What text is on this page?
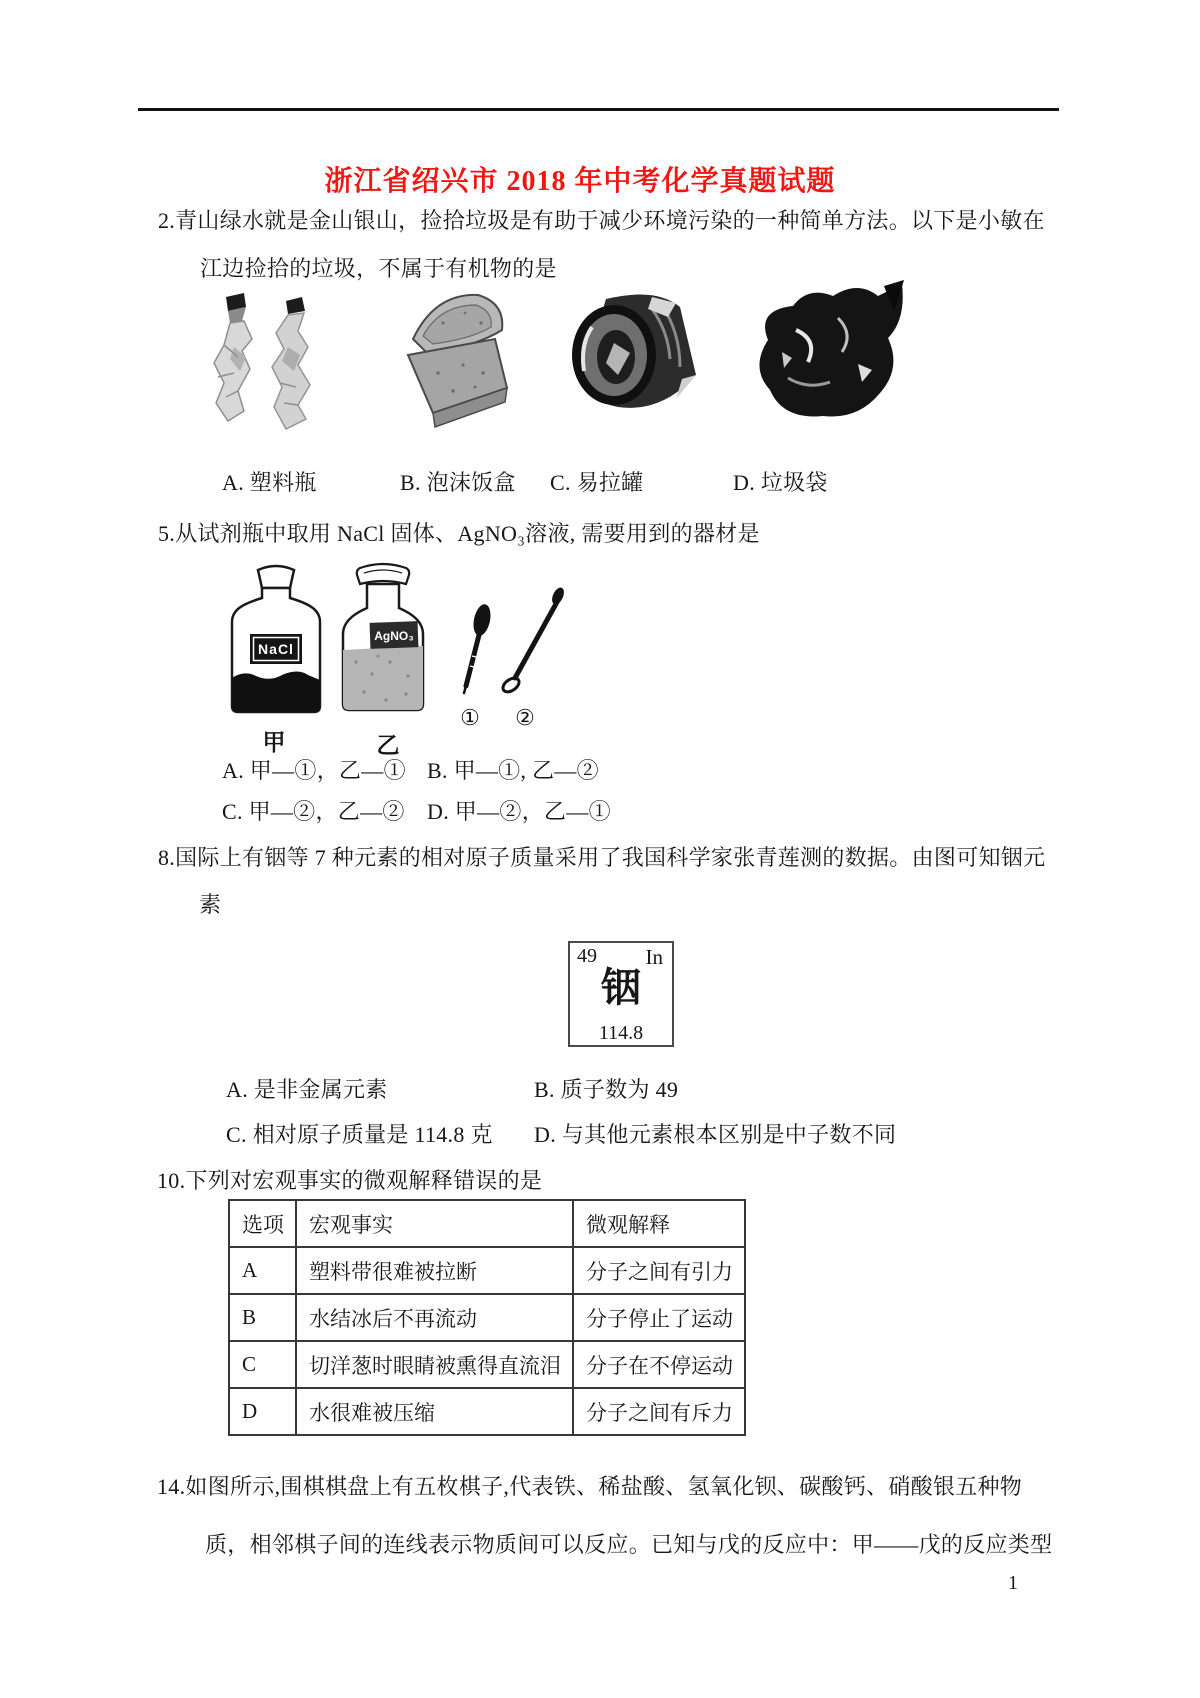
浙江省绍兴市 2018 年中考化学真题试题
2.青山绿水就是金山银山，捡拾垃圾是有助于减少环境污染的一种简单方法。以下是小敏在
江边捡拾的垃圾，不属于有机物的是
A. 塑料瓶	B. 泡沫饭盒 C. 易拉罐	D. 垃圾袋
5.从试剂瓶中取用 NaCl 固体、AgNO₃溶液, 需要用到的器材是
NaCl
AgNO₃
甲	乙
① ②
A. 甲—①，乙—① B. 甲—①, 乙—②
C. 甲—②，乙—② D. 甲—②，乙—①
8.国际上有铟等 7 种元素的相对原子质量采用了我国科学家张青莲测的数据。由图可知铟元
素
49 In
铟
114.8
A. 是非金属元素	B. 质子数为 49
C. 相对原子质量是 114.8 克 D. 与其他元素根本区别是中子数不同
10.下列对宏观事实的微观解释错误的是
选项	宏观事实	微观解释
A	塑料带很难被拉断	分子之间有引力
B	水结冰后不再流动	分子停止了运动
C	切洋葱时眼睛被熏得直流泪	分子在不停运动
D	水很难被压缩	分子之间有斥力
14.如图所示,围棋棋盘上有五枚棋子,代表铁、稀盐酸、氢氧化钡、碳酸钙、硝酸银五种物
质，相邻棋子间的连线表示物质间可以反应。已知与戊的反应中：甲——戊的反应类型
1
